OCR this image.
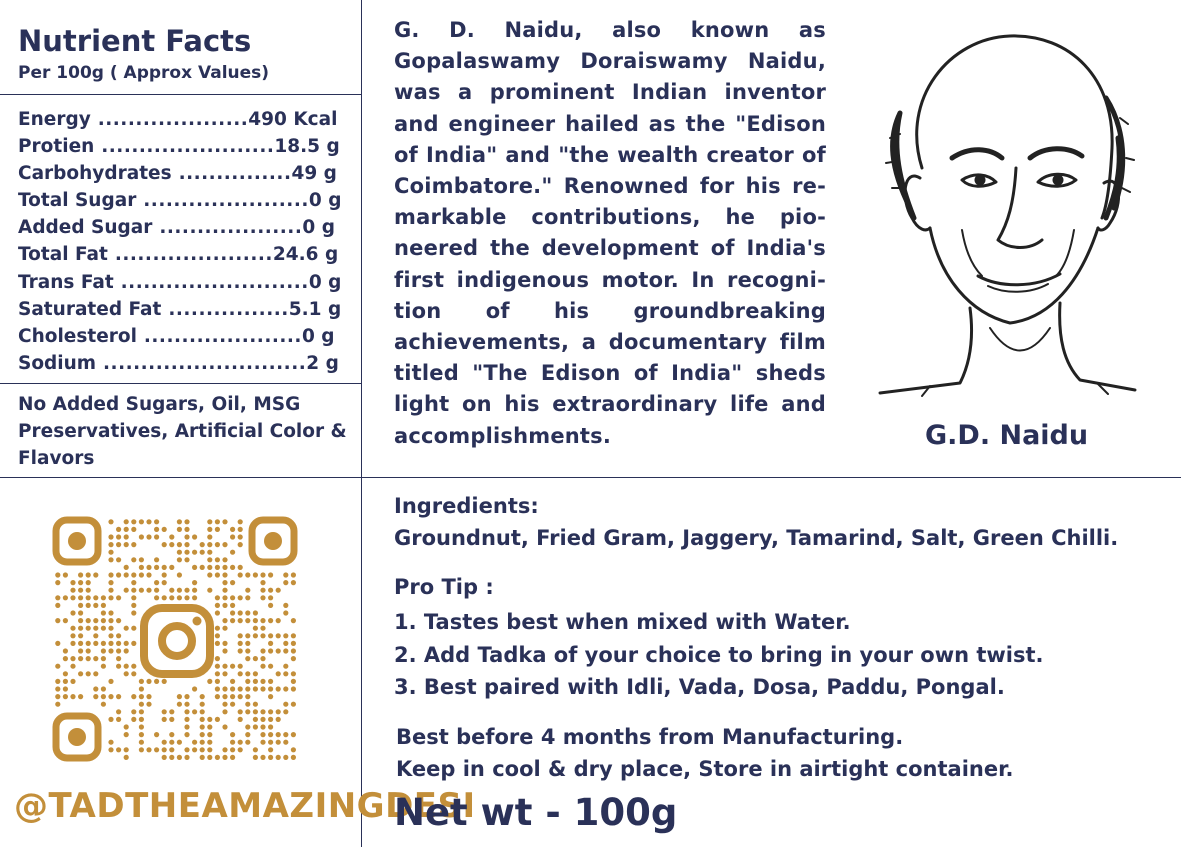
Nutrient Facts
Per 100g ( Approx Values)
Energy ....................490 Kcal
Protien .......................18.5 g
Carbohydrates ...............49 g
Total Sugar ......................0 g
Added Sugar ...................0 g
Total Fat .....................24.6 g
Trans Fat .........................0 g
Saturated Fat ................5.1 g
Cholesterol .....................0 g
Sodium ...........................2 g
No Added Sugars, Oil, MSG Preservatives, Artificial Color & Flavors

G. D. Naidu, also known as Gopalaswamy Doraiswamy Naidu, was a prominent Indian inventor and engineer hailed as the "Edison of India" and "the wealth creator of Coimbatore." Renowned for his re-markable contributions, he pio-neered the development of India's first indigenous motor. In recogni-tion of his groundbreaking achievements, a documentary film titled "The Edison of India" sheds light on his extraordinary life and accomplishments.	G.D. Naidu
@TADTHEAMAZINGDESI
Ingredients:
Groundnut, Fried Gram, Jaggery, Tamarind, Salt, Green Chilli.
Pro Tip :
1. Tastes best when mixed with Water.
2. Add Tadka of your choice to bring in your own twist.
3. Best paired with Idli, Vada, Dosa, Paddu, Pongal.
Best before 4 months from Manufacturing.
Keep in cool & dry place, Store in airtight container.
Net wt - 100g
